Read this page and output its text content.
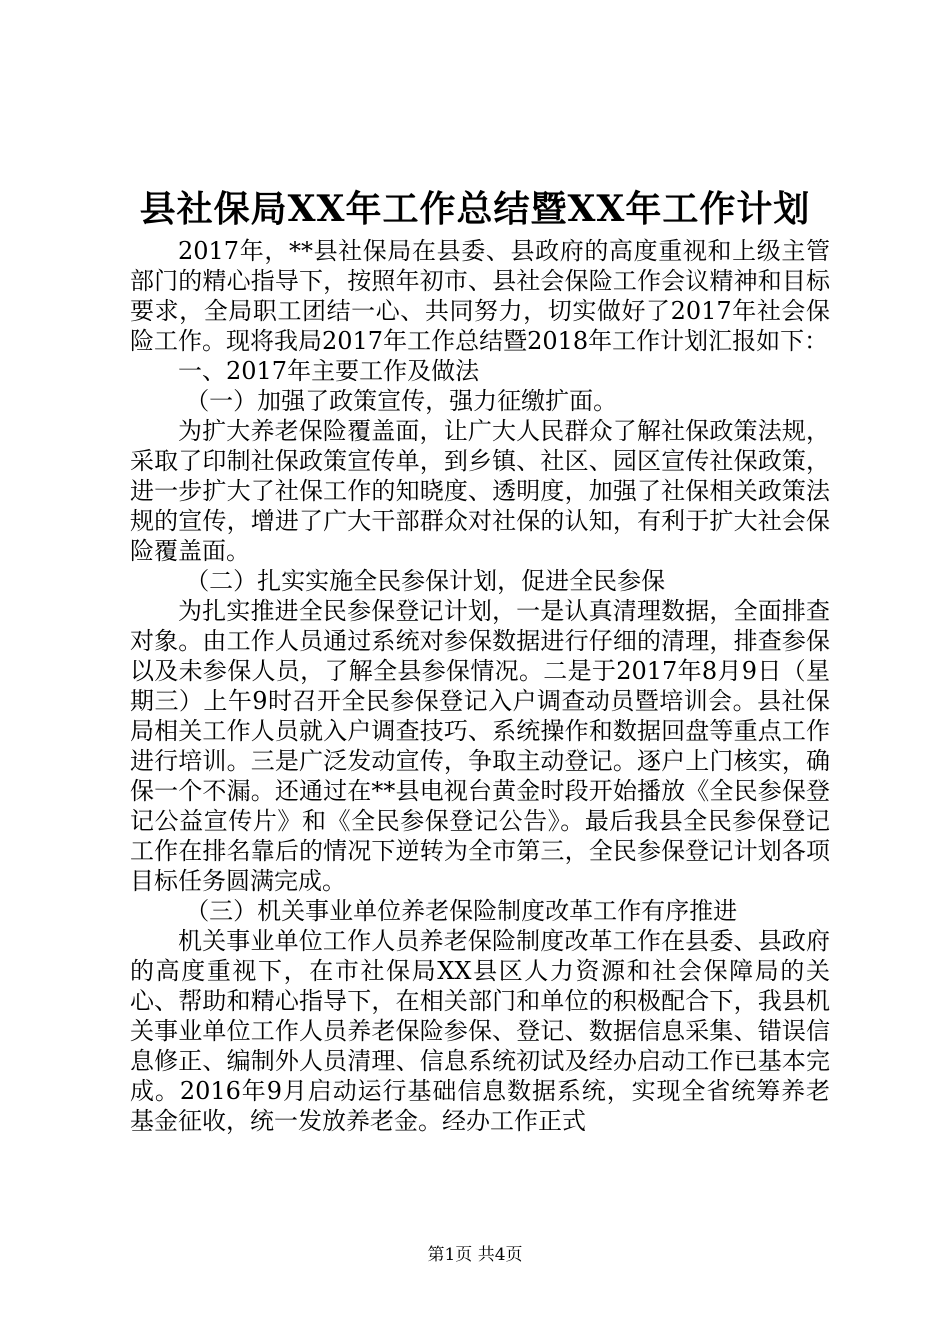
县社保局XX年工作总结暨XX年工作计划

2017年，**县社保局在县委、县政府的高度重视和上级主管部门的精心指导下，按照年初市、县社会保险工作会议精神和目标要求，全局职工团结一心、共同努力，切实做好了2017年社会保险工作。现将我局2017年工作总结暨2018年工作计划汇报如下：

一、2017年主要工作及做法

（一）加强了政策宣传，强力征缴扩面。

为扩大养老保险覆盖面，让广大人民群众了解社保政策法规，采取了印制社保政策宣传单，到乡镇、社区、园区宣传社保政策，进一步扩大了社保工作的知晓度、透明度，加强了社保相关政策法规的宣传，增进了广大干部群众对社保的认知，有利于扩大社会保险覆盖面。

（二）扎实实施全民参保计划，促进全民参保

为扎实推进全民参保登记计划，一是认真清理数据，全面排查对象。由工作人员通过系统对参保数据进行仔细的清理，排查参保以及未参保人员，了解全县参保情况。二是于2017年8月9日（星期三）上午9时召开全民参保登记入户调查动员暨培训会。县社保局相关工作人员就入户调查技巧、系统操作和数据回盘等重点工作进行培训。三是广泛发动宣传，争取主动登记。逐户上门核实，确保一个不漏。还通过在**县电视台黄金时段开始播放《全民参保登记公益宣传片》和《全民参保登记公告》。最后我县全民参保登记工作在排名靠后的情况下逆转为全市第三，全民参保登记计划各项目标任务圆满完成。

（三）机关事业单位养老保险制度改革工作有序推进

机关事业单位工作人员养老保险制度改革工作在县委、县政府的高度重视下，在市社保局XX县区人力资源和社会保障局的关心、帮助和精心指导下，在相关部门和单位的积极配合下，我县机关事业单位工作人员养老保险参保、登记、数据信息采集、错误信息修正、编制外人员清理、信息系统初试及经办启动工作已基本完成。2016年9月启动运行基础信息数据系统，实现全省统筹养老基金征收，统一发放养老金。经办工作正式

第1页 共4页
